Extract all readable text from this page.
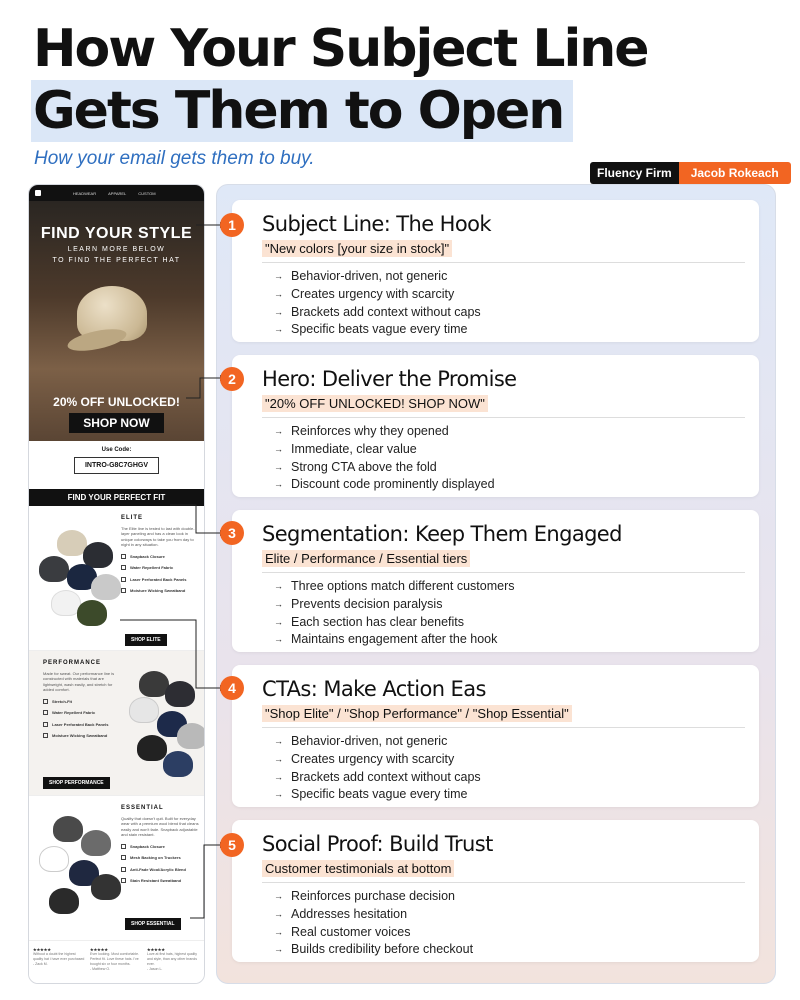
How Your Subject Line
Gets Them to Open
How your email gets them to buy.
Fluency Firm	Jacob Rokeach
HEADWEAR	APPAREL	CUSTOM
FIND YOUR STYLE
LEARN MORE BELOW
TO FIND THE PERFECT HAT
20% OFF UNLOCKED!
SHOP NOW
Use Code:
INTRO-G8C7GHGV
FIND YOUR PERFECT FIT
ELITE
The Elite line is tested to last with double-layer paneling and has a clean look in unique colorways to take you from day to night in any situation.
Snapback Closure
Water Repellent Fabric
Laser Perforated Back Panels
Moisture Wicking Sweatband
SHOP ELITE
PERFORMANCE
Made for sweat. Our performance line is constructed with materials that are lightweight, wash easily, and stretch for added comfort.
Stretch-Fit
Water Repellent Fabric
Laser Perforated Back Panels
Moisture Wicking Sweatband
SHOP PERFORMANCE
ESSENTIAL
Quality that doesn't quit. Built for everyday wear with a premium wool blend that cleans easily and won't fade. Snapback adjustable and stain resistant.
Snapback Closure
Mesh Backing on Truckers
Anti-Fade Wool/Acrylic Blend
Stain Resistant Sweatband
SHOP ESSENTIAL
★★★★★
Without a doubt the highest quality hat i have ever purchased
- Zack M.
★★★★★
Ever looking. Most comfortable. Perfect fit. Love these hats. I've bought six or four months.
- Matthew O.
★★★★★
Love at first hats, highest quality and style, than any other brands ever.
- Jason L.
1	Subject Line: The Hook
"New colors [your size in stock]"
→ Behavior-driven, not generic
→ Creates urgency with scarcity
→ Brackets add context without caps
→ Specific beats vague every time
2	Hero: Deliver the Promise
"20% OFF UNLOCKED! SHOP NOW"
→ Reinforces why they opened
→ Immediate, clear value
→ Strong CTA above the fold
→ Discount code prominently displayed
3	Segmentation: Keep Them Engaged
Elite / Performance / Essential tiers
→ Three options match different customers
→ Prevents decision paralysis
→ Each section has clear benefits
→ Maintains engagement after the hook
4	CTAs: Make Action Eas
"Shop Elite" / "Shop Performance" / "Shop Essential"
→ Behavior-driven, not generic
→ Creates urgency with scarcity
→ Brackets add context without caps
→ Specific beats vague every time
5	Social Proof: Build Trust
Customer testimonials at bottom
→ Reinforces purchase decision
→ Addresses hesitation
→ Real customer voices
→ Builds credibility before checkout
